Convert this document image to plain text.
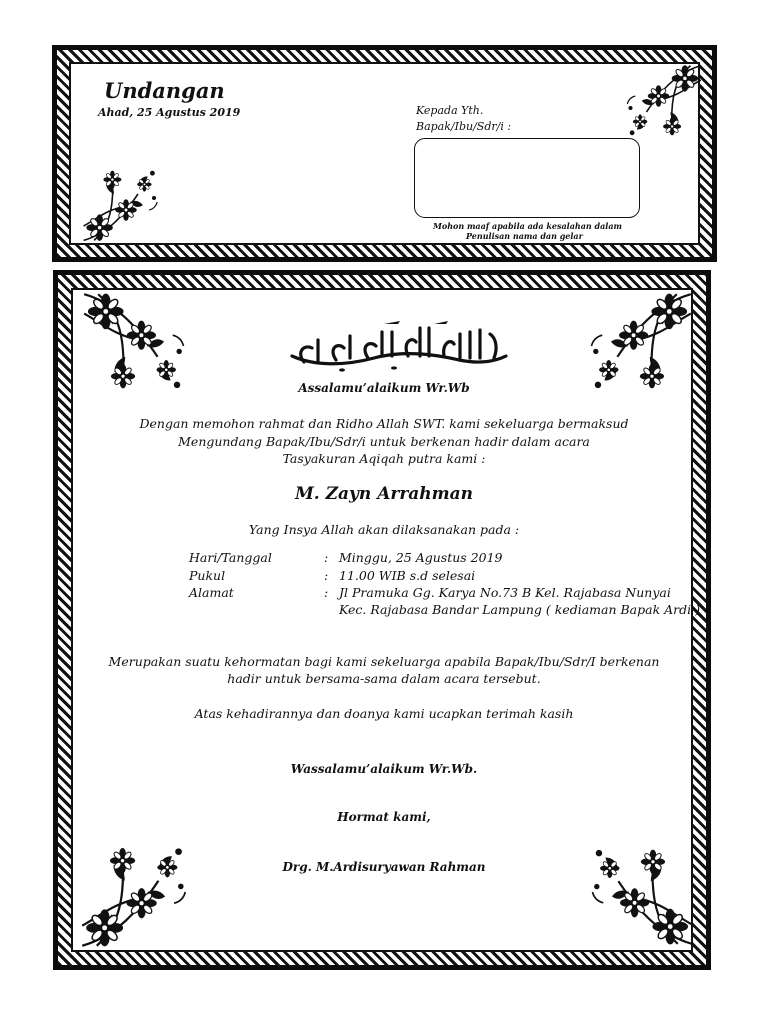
Undangan
Ahad, 25 Agustus 2019	Kepada Yth.
Bapak/Ibu/Sdr/i :
Mohon maaf apabila ada kesalahan dalam
Penulisan nama dan gelar
Assalamu’alaikum Wr.Wb
Dengan memohon rahmat dan Ridho Allah SWT. kami sekeluarga bermaksud
Mengundang Bapak/Ibu/Sdr/i untuk berkenan hadir dalam acara
Tasyakuran Aqiqah putra kami :
M. Zayn Arrahman
Yang Insya Allah akan dilaksanakan pada :
Hari/Tanggal	: Minggu, 25 Agustus 2019
Pukul	: 11.00 WIB s.d selesai
Alamat	: Jl Pramuka Gg. Karya No.73 B Kel. Rajabasa Nunyai
Kec. Rajabasa Bandar Lampung ( kediaman Bapak Ardi )
Merupakan suatu kehormatan bagi kami sekeluarga apabila Bapak/Ibu/Sdr/I berkenan
hadir untuk bersama-sama dalam acara tersebut.
Atas kehadirannya dan doanya kami ucapkan terimah kasih
Wassalamu’alaikum Wr.Wb.
Hormat kami,
Drg. M.Ardisuryawan Rahman
